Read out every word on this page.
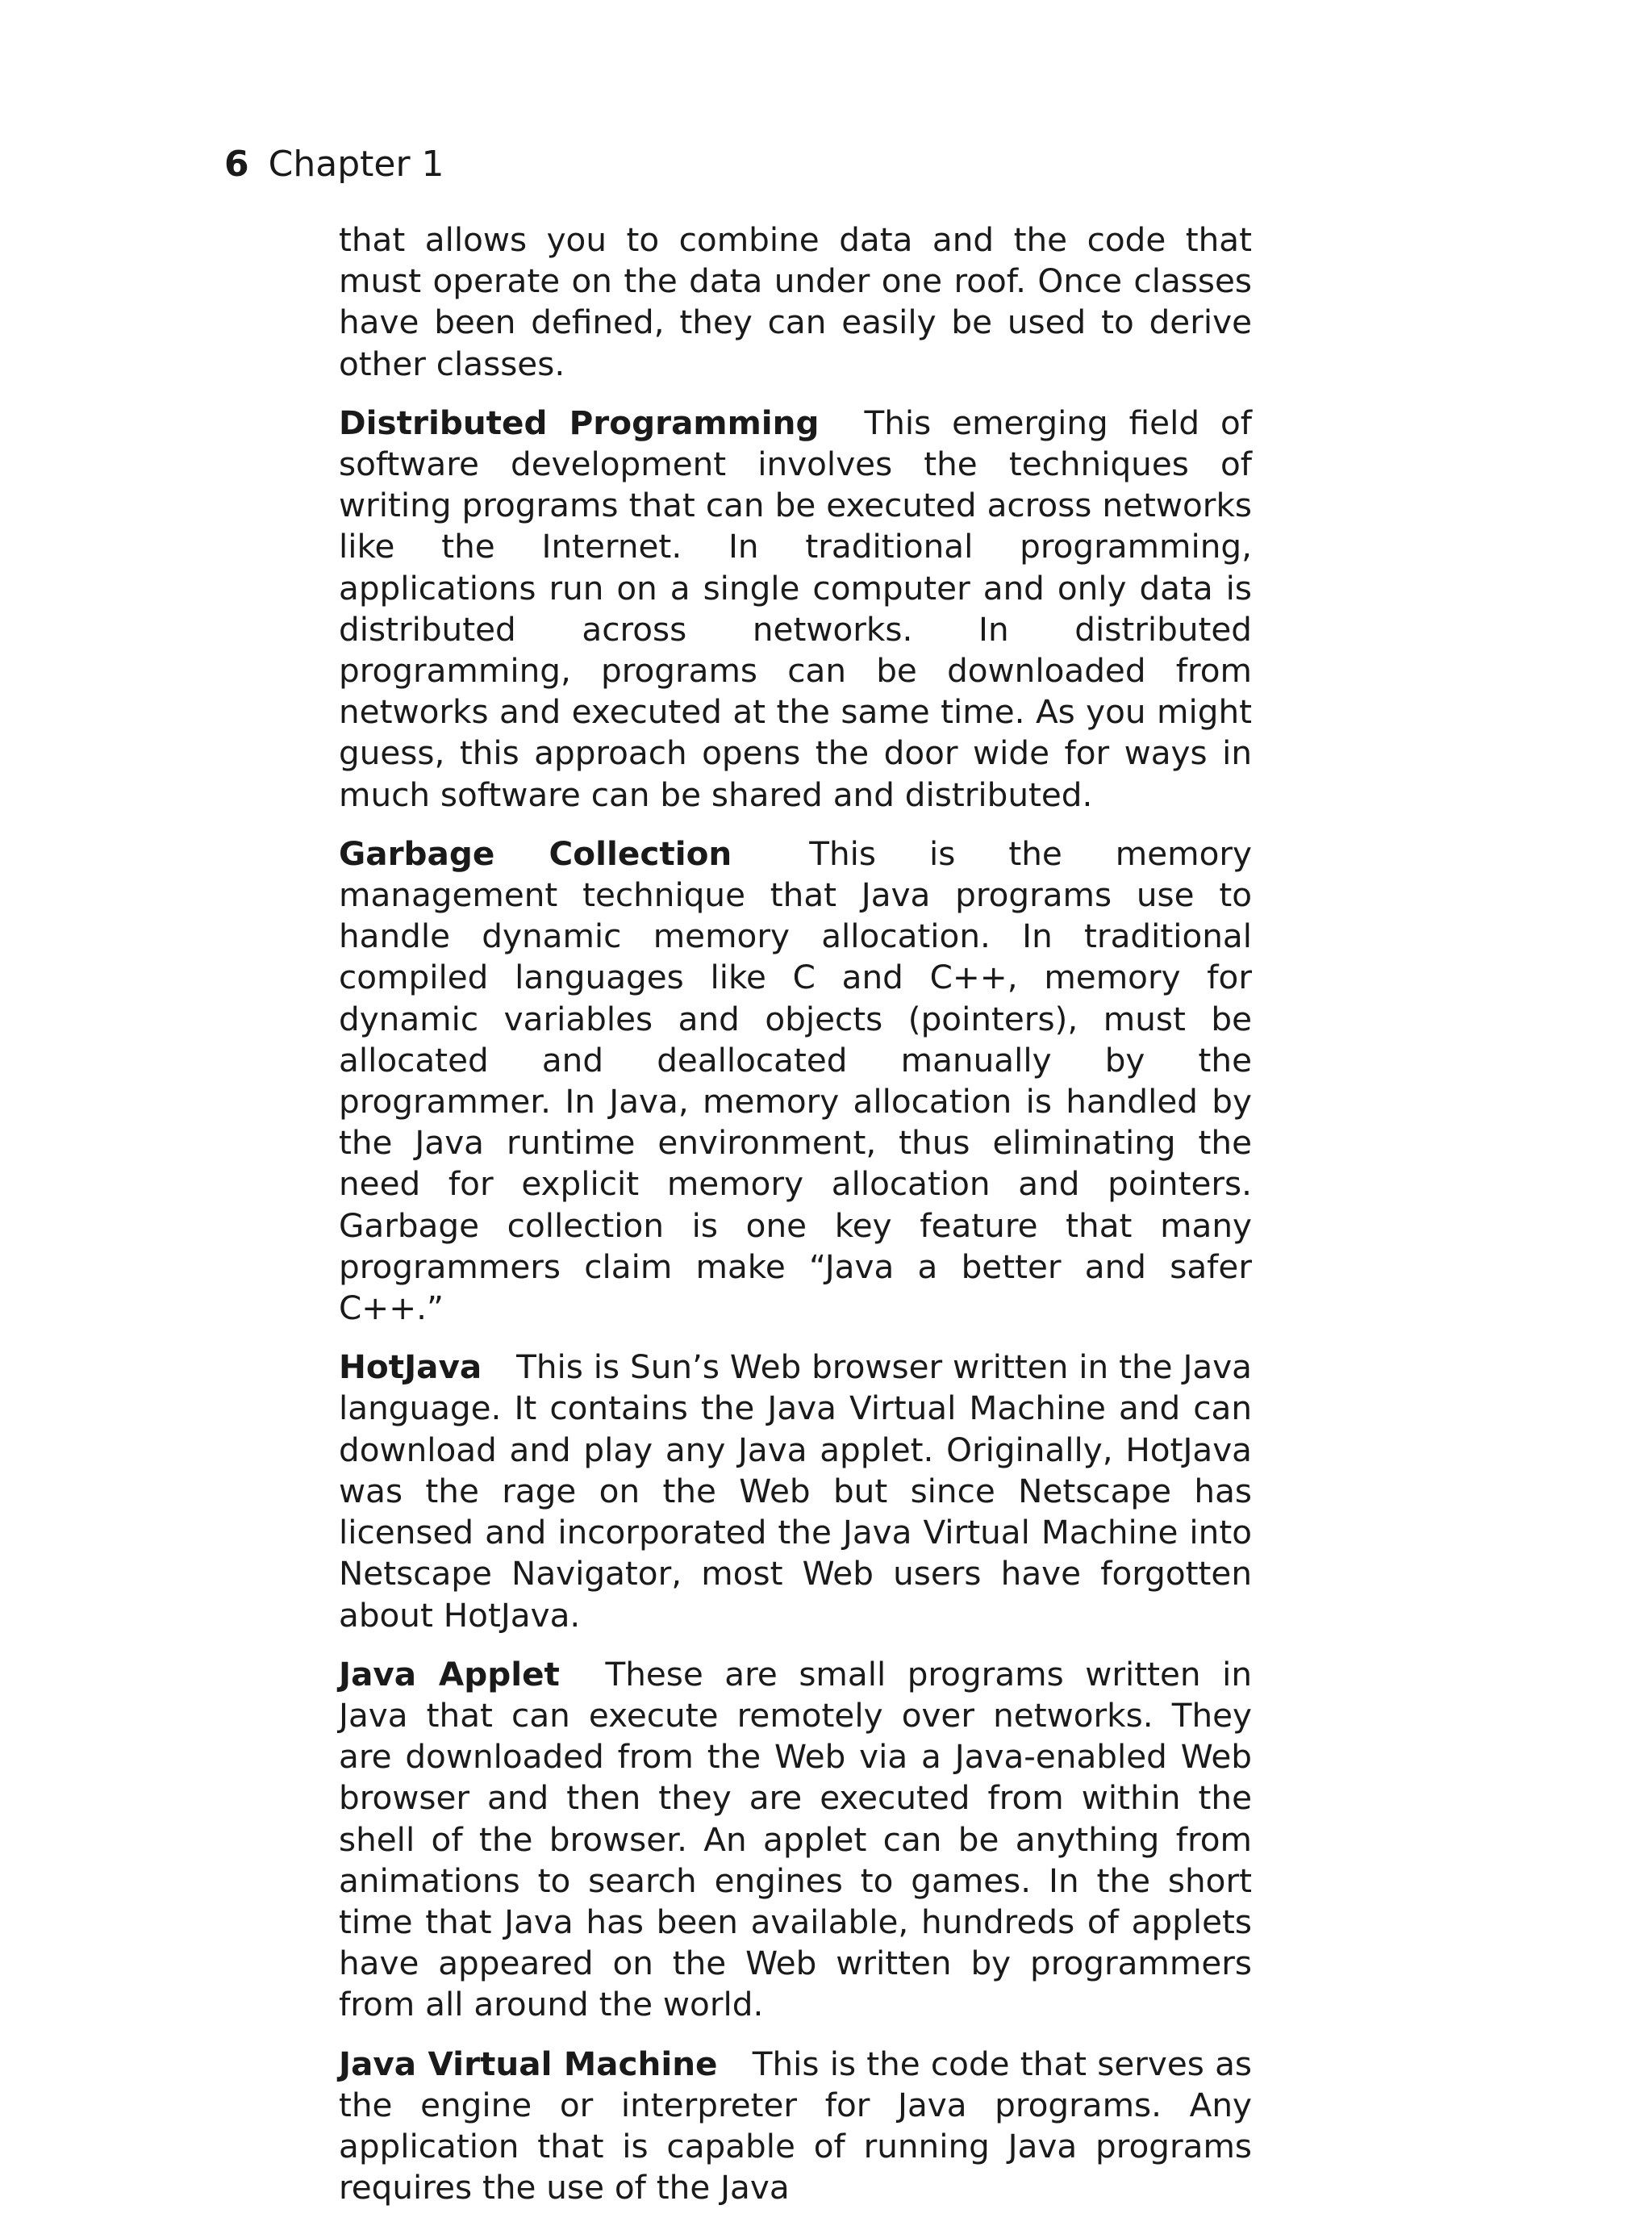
6 Chapter 1

that allows you to combine data and the code that must operate on the data under one roof. Once classes have been defined, they can easily be used to derive other classes.

Distributed Programming This emerging field of software development involves the techniques of writing programs that can be executed across networks like the Internet. In traditional programming, applications run on a single computer and only data is distributed across networks. In distributed programming, programs can be downloaded from networks and executed at the same time. As you might guess, this approach opens the door wide for ways in much software can be shared and distributed.

Garbage Collection This is the memory management technique that Java programs use to handle dynamic memory allocation. In traditional compiled languages like C and C++, memory for dynamic variables and objects (pointers), must be allocated and deallocated manually by the programmer. In Java, memory allocation is handled by the Java runtime environment, thus eliminating the need for explicit memory allocation and pointers. Garbage collection is one key feature that many programmers claim make “Java a better and safer C++.”

HotJava This is Sun’s Web browser written in the Java language. It contains the Java Virtual Machine and can download and play any Java applet. Originally, HotJava was the rage on the Web but since Netscape has licensed and incorporated the Java Virtual Machine into Netscape Navigator, most Web users have forgotten about HotJava.

Java Applet These are small programs written in Java that can execute remotely over networks. They are downloaded from the Web via a Java-enabled Web browser and then they are executed from within the shell of the browser. An applet can be anything from animations to search engines to games. In the short time that Java has been available, hundreds of applets have appeared on the Web written by programmers from all around the world.

Java Virtual Machine This is the code that serves as the engine or interpreter for Java programs. Any application that is capable of running Java programs requires the use of the Java
